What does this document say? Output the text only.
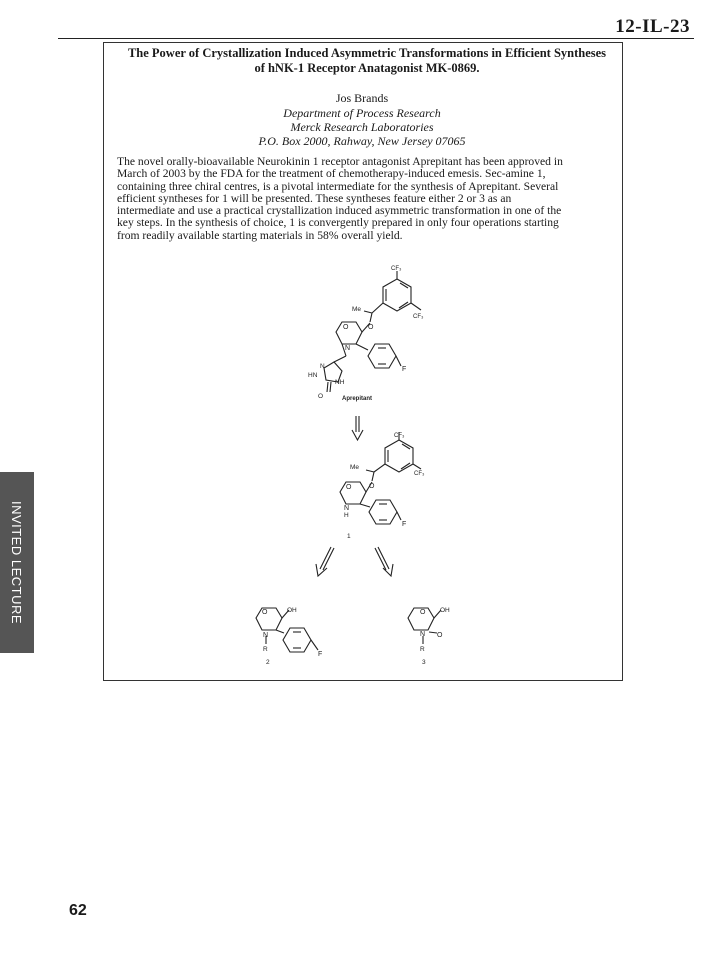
12-IL-23
INVITED LECTURE
62
The Power of Crystallization Induced Asymmetric Transformations in Efficient Syntheses
of hNK-1 Receptor Anatagonist MK-0869.
Jos Brands
Department of Process Research
Merck Research Laboratories
P.O. Box 2000, Rahway, New Jersey 07065
The novel orally-bioavailable Neurokinin 1 receptor antagonist Aprepitant has been approved in
March of 2003 by the FDA for the treatment of chemotherapy-induced emesis. Sec-amine 1,
containing three chiral centres, is a pivotal intermediate for the synthesis of Aprepitant. Several
efficient syntheses for 1 will be presented. These syntheses feature either 2 or 3 as an
intermediate and use a practical crystallization induced asymmetric transformation in one of the
key steps. In the synthesis of choice, 1 is convergently prepared in only four operations starting
from readily available starting materials in 58% overall yield.
CF₃
CF₃
Me
O	O
N
F
N
HN
NH
O	Aprepitant
CF₃
CF₃
Me
O	O
N
H
F
1
O	OH
N
R
F
2
O OH
N O
R
3
